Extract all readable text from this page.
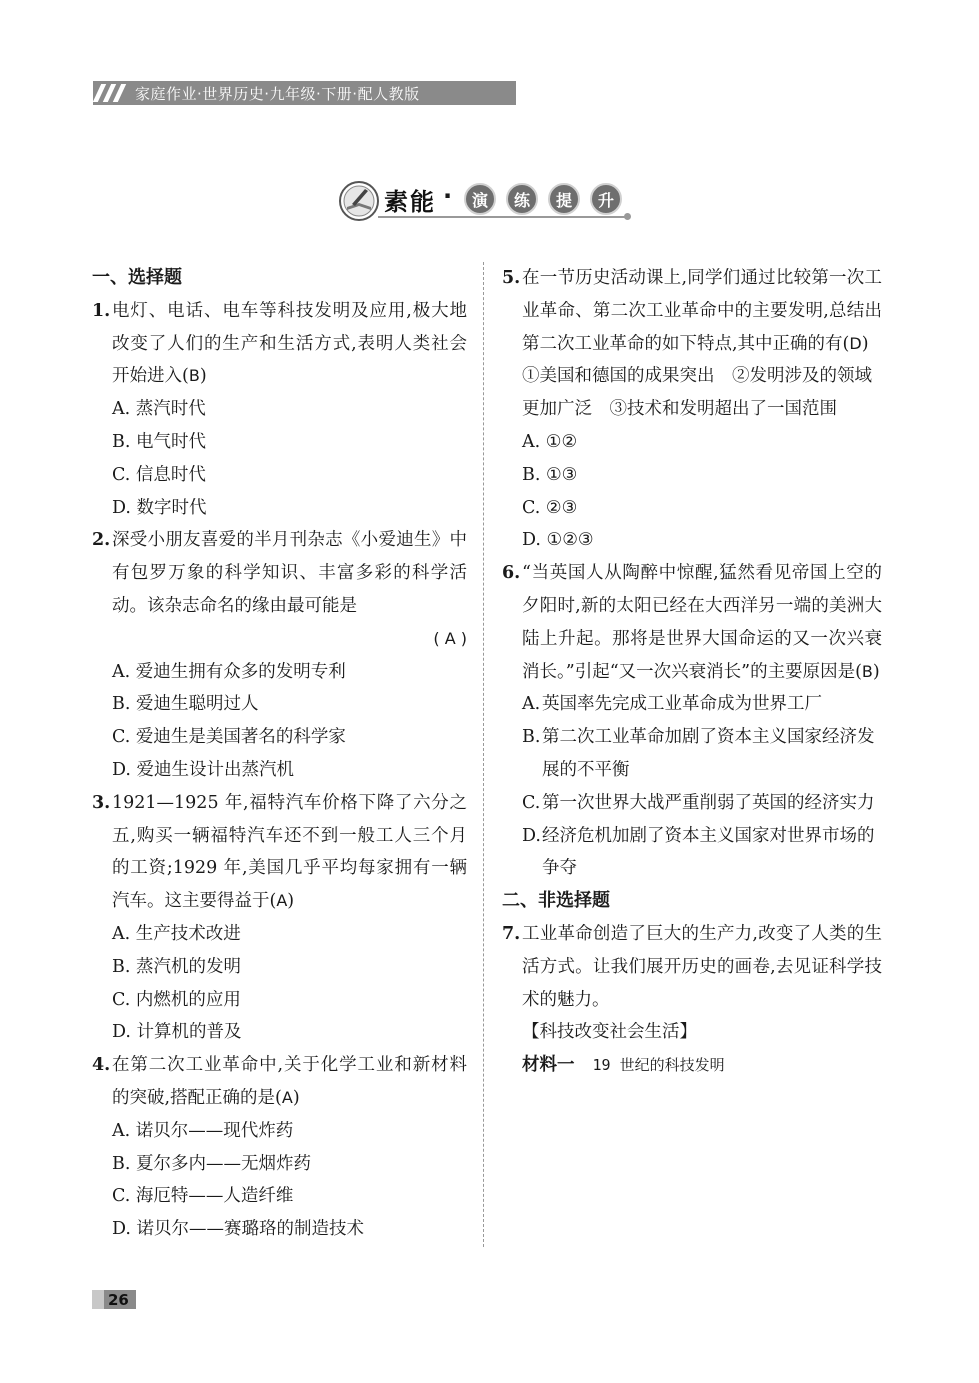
家庭作业·世界历史·九年级·下册·配人教版
素能 ·	演	练	提	升
一、选择题
1. 电灯、电话、电车等科技发明及应用,极大地改变了人们的生产和生活方式,表明人类社会开始进入(B)
A. 蒸汽时代
B. 电气时代
C. 信息时代
D. 数字时代
2. 深受小朋友喜爱的半月刊杂志《小爱迪生》中有包罗万象的科学知识、丰富多彩的科学活动。该杂志命名的缘由最可能是
( A )
A. 爱迪生拥有众多的发明专利
B. 爱迪生聪明过人
C. 爱迪生是美国著名的科学家
D. 爱迪生设计出蒸汽机
3. 1921—1925 年,福特汽车价格下降了六分之五,购买一辆福特汽车还不到一般工人三个月的工资;1929 年,美国几乎平均每家拥有一辆汽车。这主要得益于(A)
A. 生产技术改进
B. 蒸汽机的发明
C. 内燃机的应用
D. 计算机的普及
4. 在第二次工业革命中,关于化学工业和新材料的突破,搭配正确的是(A)
A. 诺贝尔——现代炸药
B. 夏尔多内——无烟炸药
C. 海厄特——人造纤维
D. 诺贝尔——赛璐珞的制造技术
5. 在一节历史活动课上,同学们通过比较第一次工业革命、第二次工业革命中的主要发明,总结出第二次工业革命的如下特点,其中正确的有(D)
①美国和德国的成果突出　②发明涉及的领域更加广泛　③技术和发明超出了一国范围
A. ①②
B. ①③
C. ②③
D. ①②③
6. “当英国人从陶醉中惊醒,猛然看见帝国上空的夕阳时,新的太阳已经在大西洋另一端的美洲大陆上升起。那将是世界大国命运的又一次兴衰消长。”引起“又一次兴衰消长”的主要原因是(B)
A. 英国率先完成工业革命成为世界工厂
B. 第二次工业革命加剧了资本主义国家经济发展的不平衡
C. 第一次世界大战严重削弱了英国的经济实力
D. 经济危机加剧了资本主义国家对世界市场的争夺
二、非选择题
7. 工业革命创造了巨大的生产力,改变了人类的生活方式。让我们展开历史的画卷,去见证科学技术的魅力。
【科技改变社会生活】
材料一 19 世纪的科技发明
26
